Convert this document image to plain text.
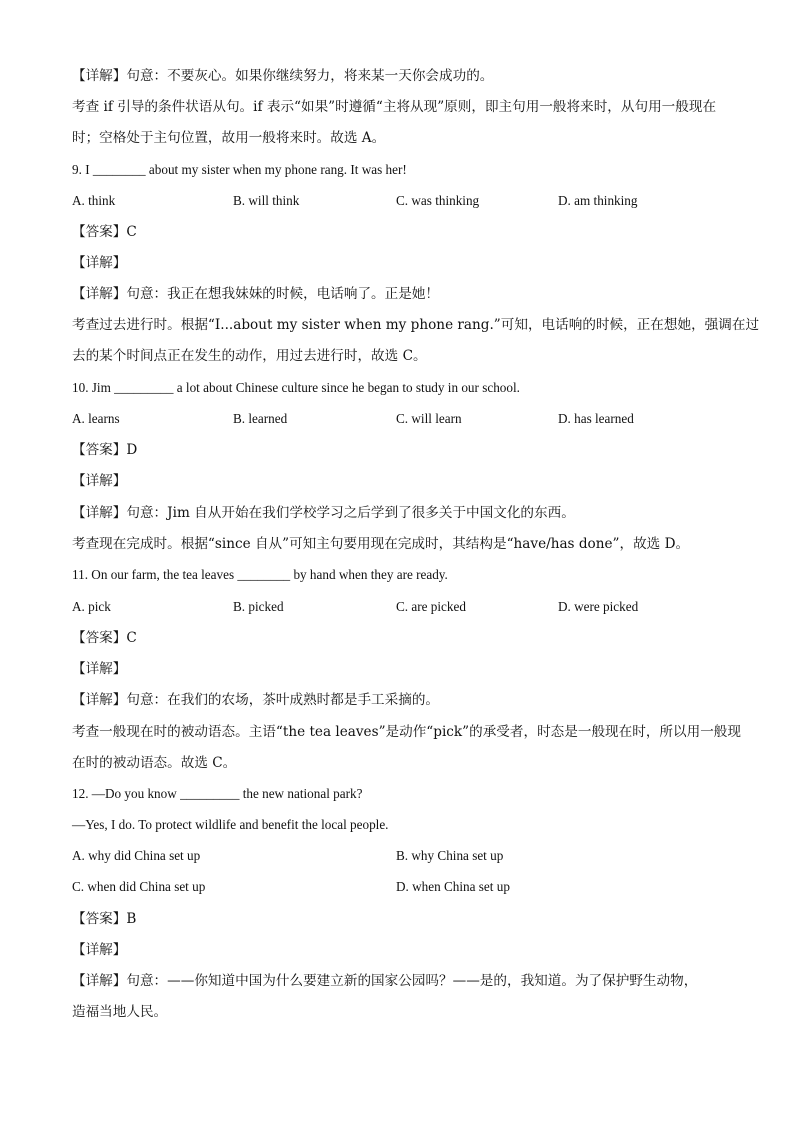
【详解】句意：不要灰心。如果你继续努力，将来某一天你会成功的。
考查 if 引导的条件状语从句。if 表示“如果”时遵循“主将从现”原则，即主句用一般将来时，从句用一般现在
时；空格处于主句位置，故用一般将来时。故选 A。
9. I ________ about my sister when my phone rang. It was her!
A. think	B. will think	C. was thinking	D. am thinking
【答案】C
【详解】
【详解】句意：我正在想我妹妹的时候，电话响了。正是她！
考查过去进行时。根据“I...about my sister when my phone rang.”可知，电话响的时候，正在想她，强调在过
去的某个时间点正在发生的动作，用过去进行时，故选 C。
10. Jim _________ a lot about Chinese culture since he began to study in our school.
A. learns	B. learned	C. will learn	D. has learned
【答案】D
【详解】
【详解】句意：Jim 自从开始在我们学校学习之后学到了很多关于中国文化的东西。
考查现在完成时。根据“since 自从”可知主句要用现在完成时，其结构是“have/has done”，故选 D。
11. On our farm, the tea leaves ________ by hand when they are ready.
A. pick	B. picked	C. are picked	D. were picked
【答案】C
【详解】
【详解】句意：在我们的农场，茶叶成熟时都是手工采摘的。
考查一般现在时的被动语态。主语“the tea leaves”是动作“pick”的承受者，时态是一般现在时，所以用一般现
在时的被动语态。故选 C。
12. —Do you know _________ the new national park?
—Yes, I do. To protect wildlife and benefit the local people.
A. why did China set up	B. why China set up
C. when did China set up	D. when China set up
【答案】B
【详解】
【详解】句意：——你知道中国为什么要建立新的国家公园吗？——是的，我知道。为了保护野生动物，
造福当地人民。
